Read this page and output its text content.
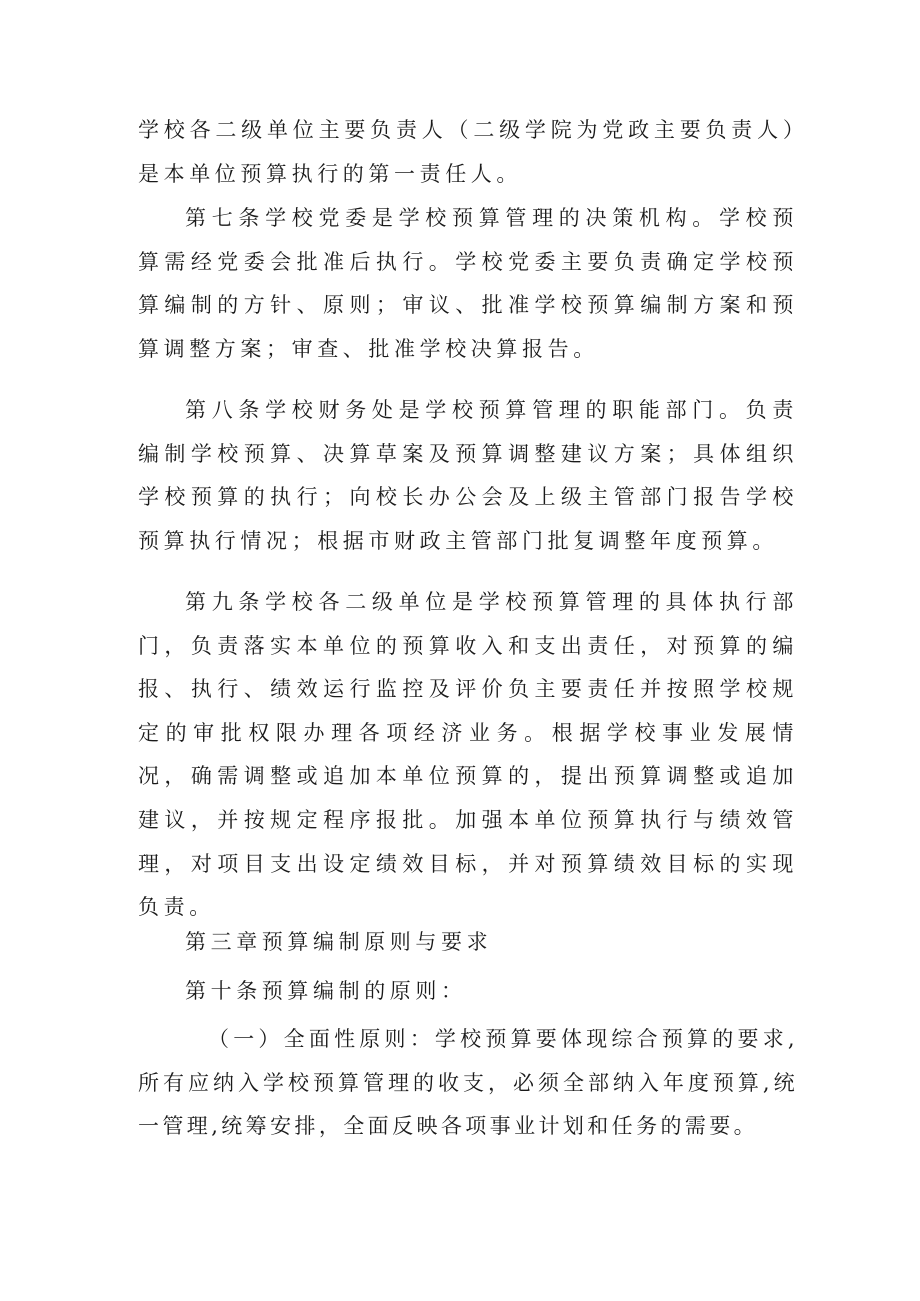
学校各二级单位主要负责人（二级学院为党政主要负责人）是本单位预算执行的第一责任人。

第七条学校党委是学校预算管理的决策机构。学校预算需经党委会批准后执行。学校党委主要负责确定学校预算编制的方针、原则；审议、批准学校预算编制方案和预算调整方案；审查、批准学校决算报告。

第八条学校财务处是学校预算管理的职能部门。负责编制学校预算、决算草案及预算调整建议方案；具体组织学校预算的执行；向校长办公会及上级主管部门报告学校预算执行情况；根据市财政主管部门批复调整年度预算。

第九条学校各二级单位是学校预算管理的具体执行部门，负责落实本单位的预算收入和支出责任，对预算的编报、执行、绩效运行监控及评价负主要责任并按照学校规定的审批权限办理各项经济业务。根据学校事业发展情况，确需调整或追加本单位预算的，提出预算调整或追加建议，并按规定程序报批。加强本单位预算执行与绩效管理，对项目支出设定绩效目标，并对预算绩效目标的实现负责。

第三章预算编制原则与要求

第十条预算编制的原则：

（一）全面性原则：学校预算要体现综合预算的要求,所有应纳入学校预算管理的收支，必须全部纳入年度预算,统一管理,统筹安排，全面反映各项事业计划和任务的需要。
